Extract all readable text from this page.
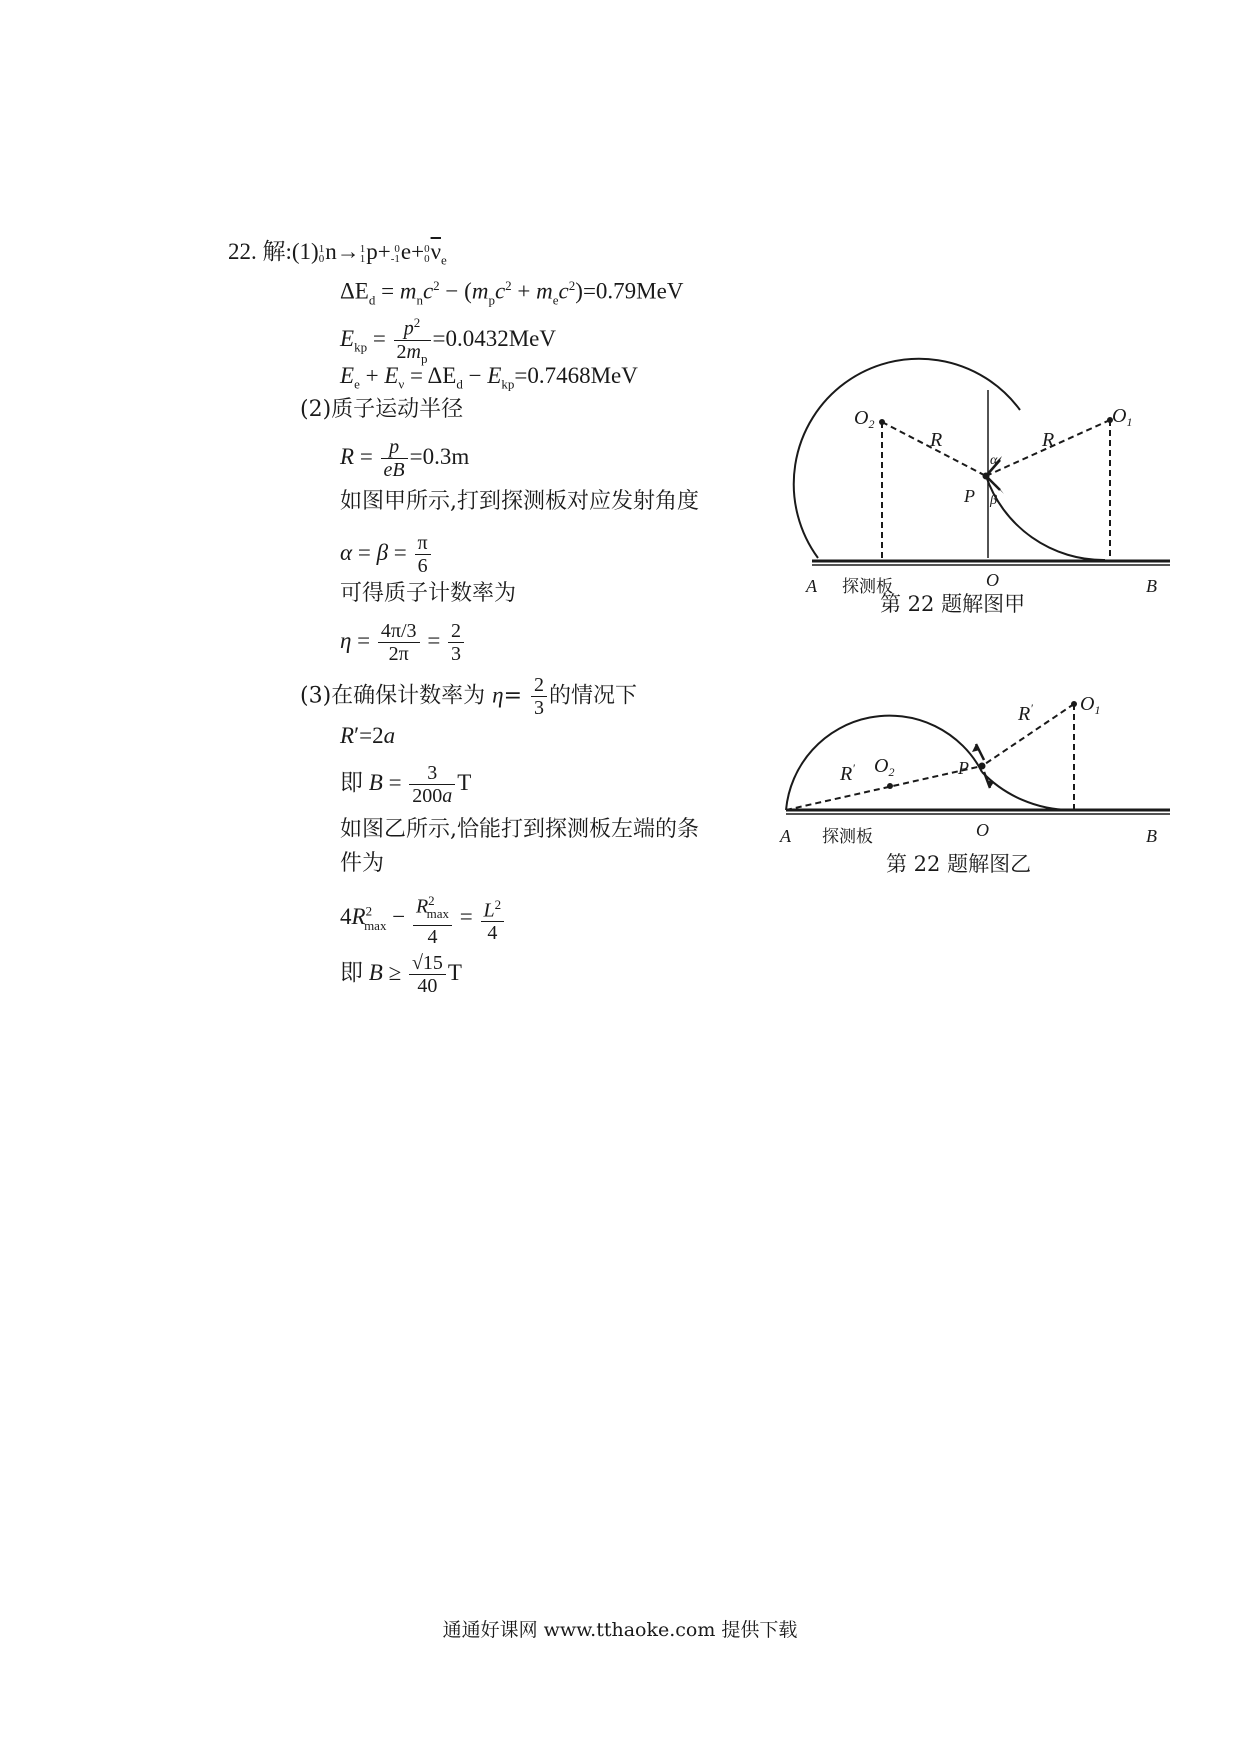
22. 解:(1)1
0n→1
1p+ 0
-1e+0
$0\overline{\nu}_e$
$\Delta E_d = m_nc^2 - (m_pc^2 + m_ec^2)=0.79MeV$
$E_{kp} = \frac{p^2}{2m_p} =0.0432MeV$
$E_e + E_\nu = \Delta E_d - E_{kp}=0.7468MeV$
(2)质子运动半径
$R = \frac{p}{eB} =0.3m$
如图甲所示,打到探测板对应发射角度
$\alpha = \beta = \frac{\pi}{6}$
可得质子计数率为
$\eta = \frac{4\pi/3}{2\pi} = \frac{2}{3}$
(3)在确保计数率为 $\eta= \frac{2}{3}$ 的情况下
R′=2a
即 $B = \frac{3}{200a}$ T
如图乙所示,恰能打到探测板左端的条
件为
$4R^2_{max} - \frac{R^2_{max}}{4} = \frac{L^2}{4}$
即 $B \ge \frac{√15}{40}$ T
$O_2$	$O_1$
R	R
P
α
β
A 探测板	O	B
第 22 题解图甲
$O_2$
$O_1$
R′
R′
P
A 探测板	O	B
第 22 题解图乙
通通好课网 www.tthaoke.com 提供下载
